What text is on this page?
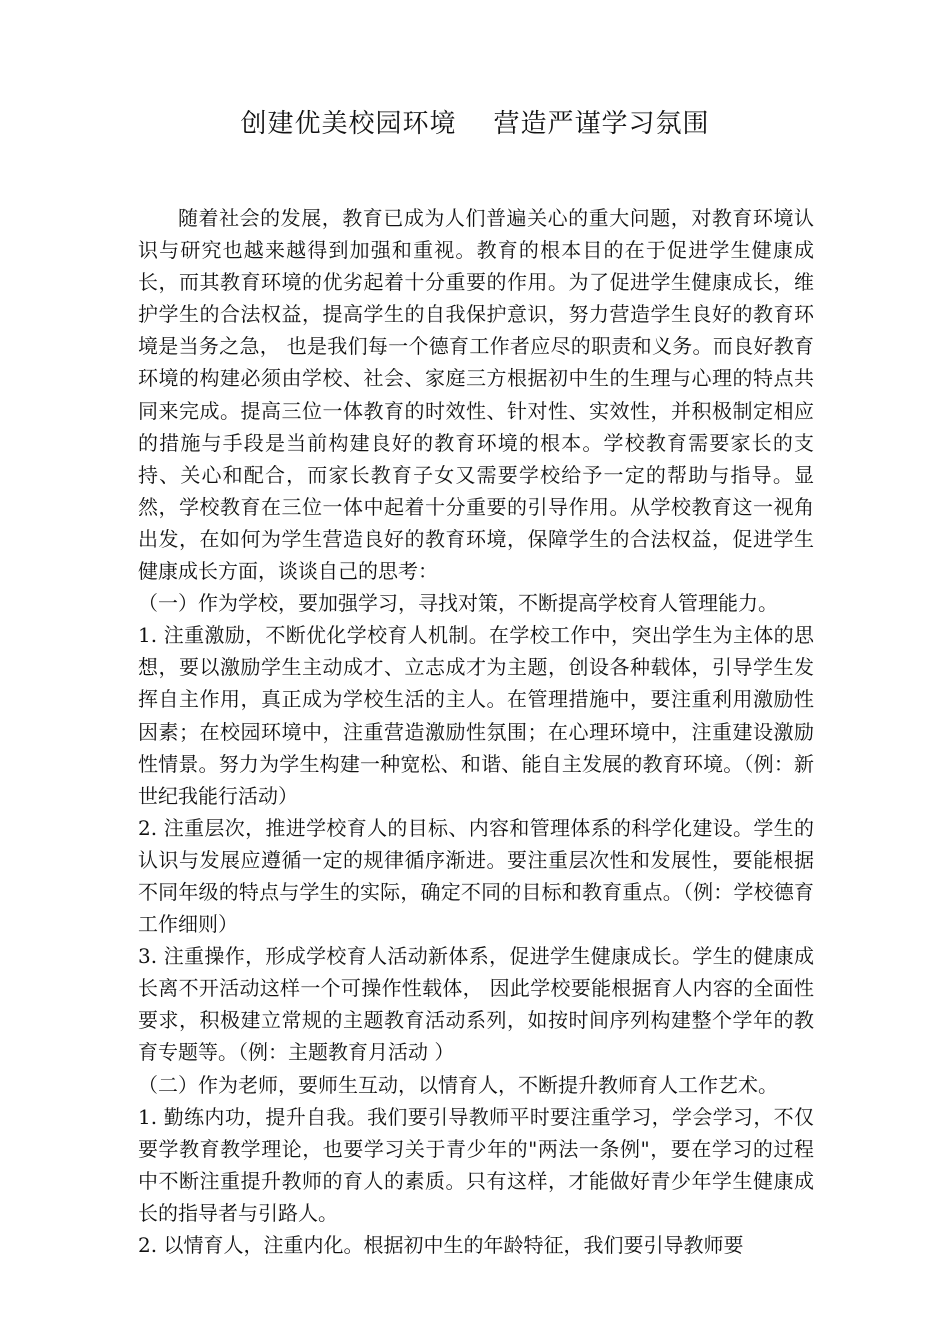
创建优美校园环境    营造严谨学习氛围

随着社会的发展，教育已成为人们普遍关心的重大问题，对教育环境认识与研究也越来越得到加强和重视。教育的根本目的在于促进学生健康成长，而其教育环境的优劣起着十分重要的作用。为了促进学生健康成长，维护学生的合法权益，提高学生的自我保护意识，努力营造学生良好的教育环境是当务之急， 也是我们每一个德育工作者应尽的职责和义务。而良好教育环境的构建必须由学校、社会、家庭三方根据初中生的生理与心理的特点共同来完成。提高三位一体教育的时效性、针对性、实效性，并积极制定相应的措施与手段是当前构建良好的教育环境的根本。学校教育需要家长的支持、关心和配合，而家长教育子女又需要学校给予一定的帮助与指导。显然，学校教育在三位一体中起着十分重要的引导作用。从学校教育这一视角出发，在如何为学生营造良好的教育环境，保障学生的合法权益，促进学生健康成长方面，谈谈自己的思考：

（一）作为学校，要加强学习，寻找对策，不断提高学校育人管理能力。

1. 注重激励，不断优化学校育人机制。在学校工作中，突出学生为主体的思想，要以激励学生主动成才、立志成才为主题，创设各种载体，引导学生发挥自主作用，真正成为学校生活的主人。在管理措施中，要注重利用激励性因素；在校园环境中，注重营造激励性氛围；在心理环境中，注重建设激励性情景。努力为学生构建一种宽松、和谐、能自主发展的教育环境。（例：新世纪我能行活动）

2. 注重层次，推进学校育人的目标、内容和管理体系的科学化建设。学生的认识与发展应遵循一定的规律循序渐进。要注重层次性和发展性，要能根据不同年级的特点与学生的实际，确定不同的目标和教育重点。（例：学校德育工作细则）

3. 注重操作，形成学校育人活动新体系，促进学生健康成长。学生的健康成长离不开活动这样一个可操作性载体， 因此学校要能根据育人内容的全面性要求，积极建立常规的主题教育活动系列，如按时间序列构建整个学年的教育专题等。（例：主题教育月活动 ）

（二）作为老师，要师生互动，以情育人，不断提升教师育人工作艺术。

1. 勤练内功，提升自我。我们要引导教师平时要注重学习，学会学习，不仅要学教育教学理论，也要学习关于青少年的"两法一条例"，要在学习的过程中不断注重提升教师的育人的素质。只有这样，才能做好青少年学生健康成长的指导者与引路人。

2. 以情育人，注重内化。根据初中生的年龄特征，我们要引导教师要
